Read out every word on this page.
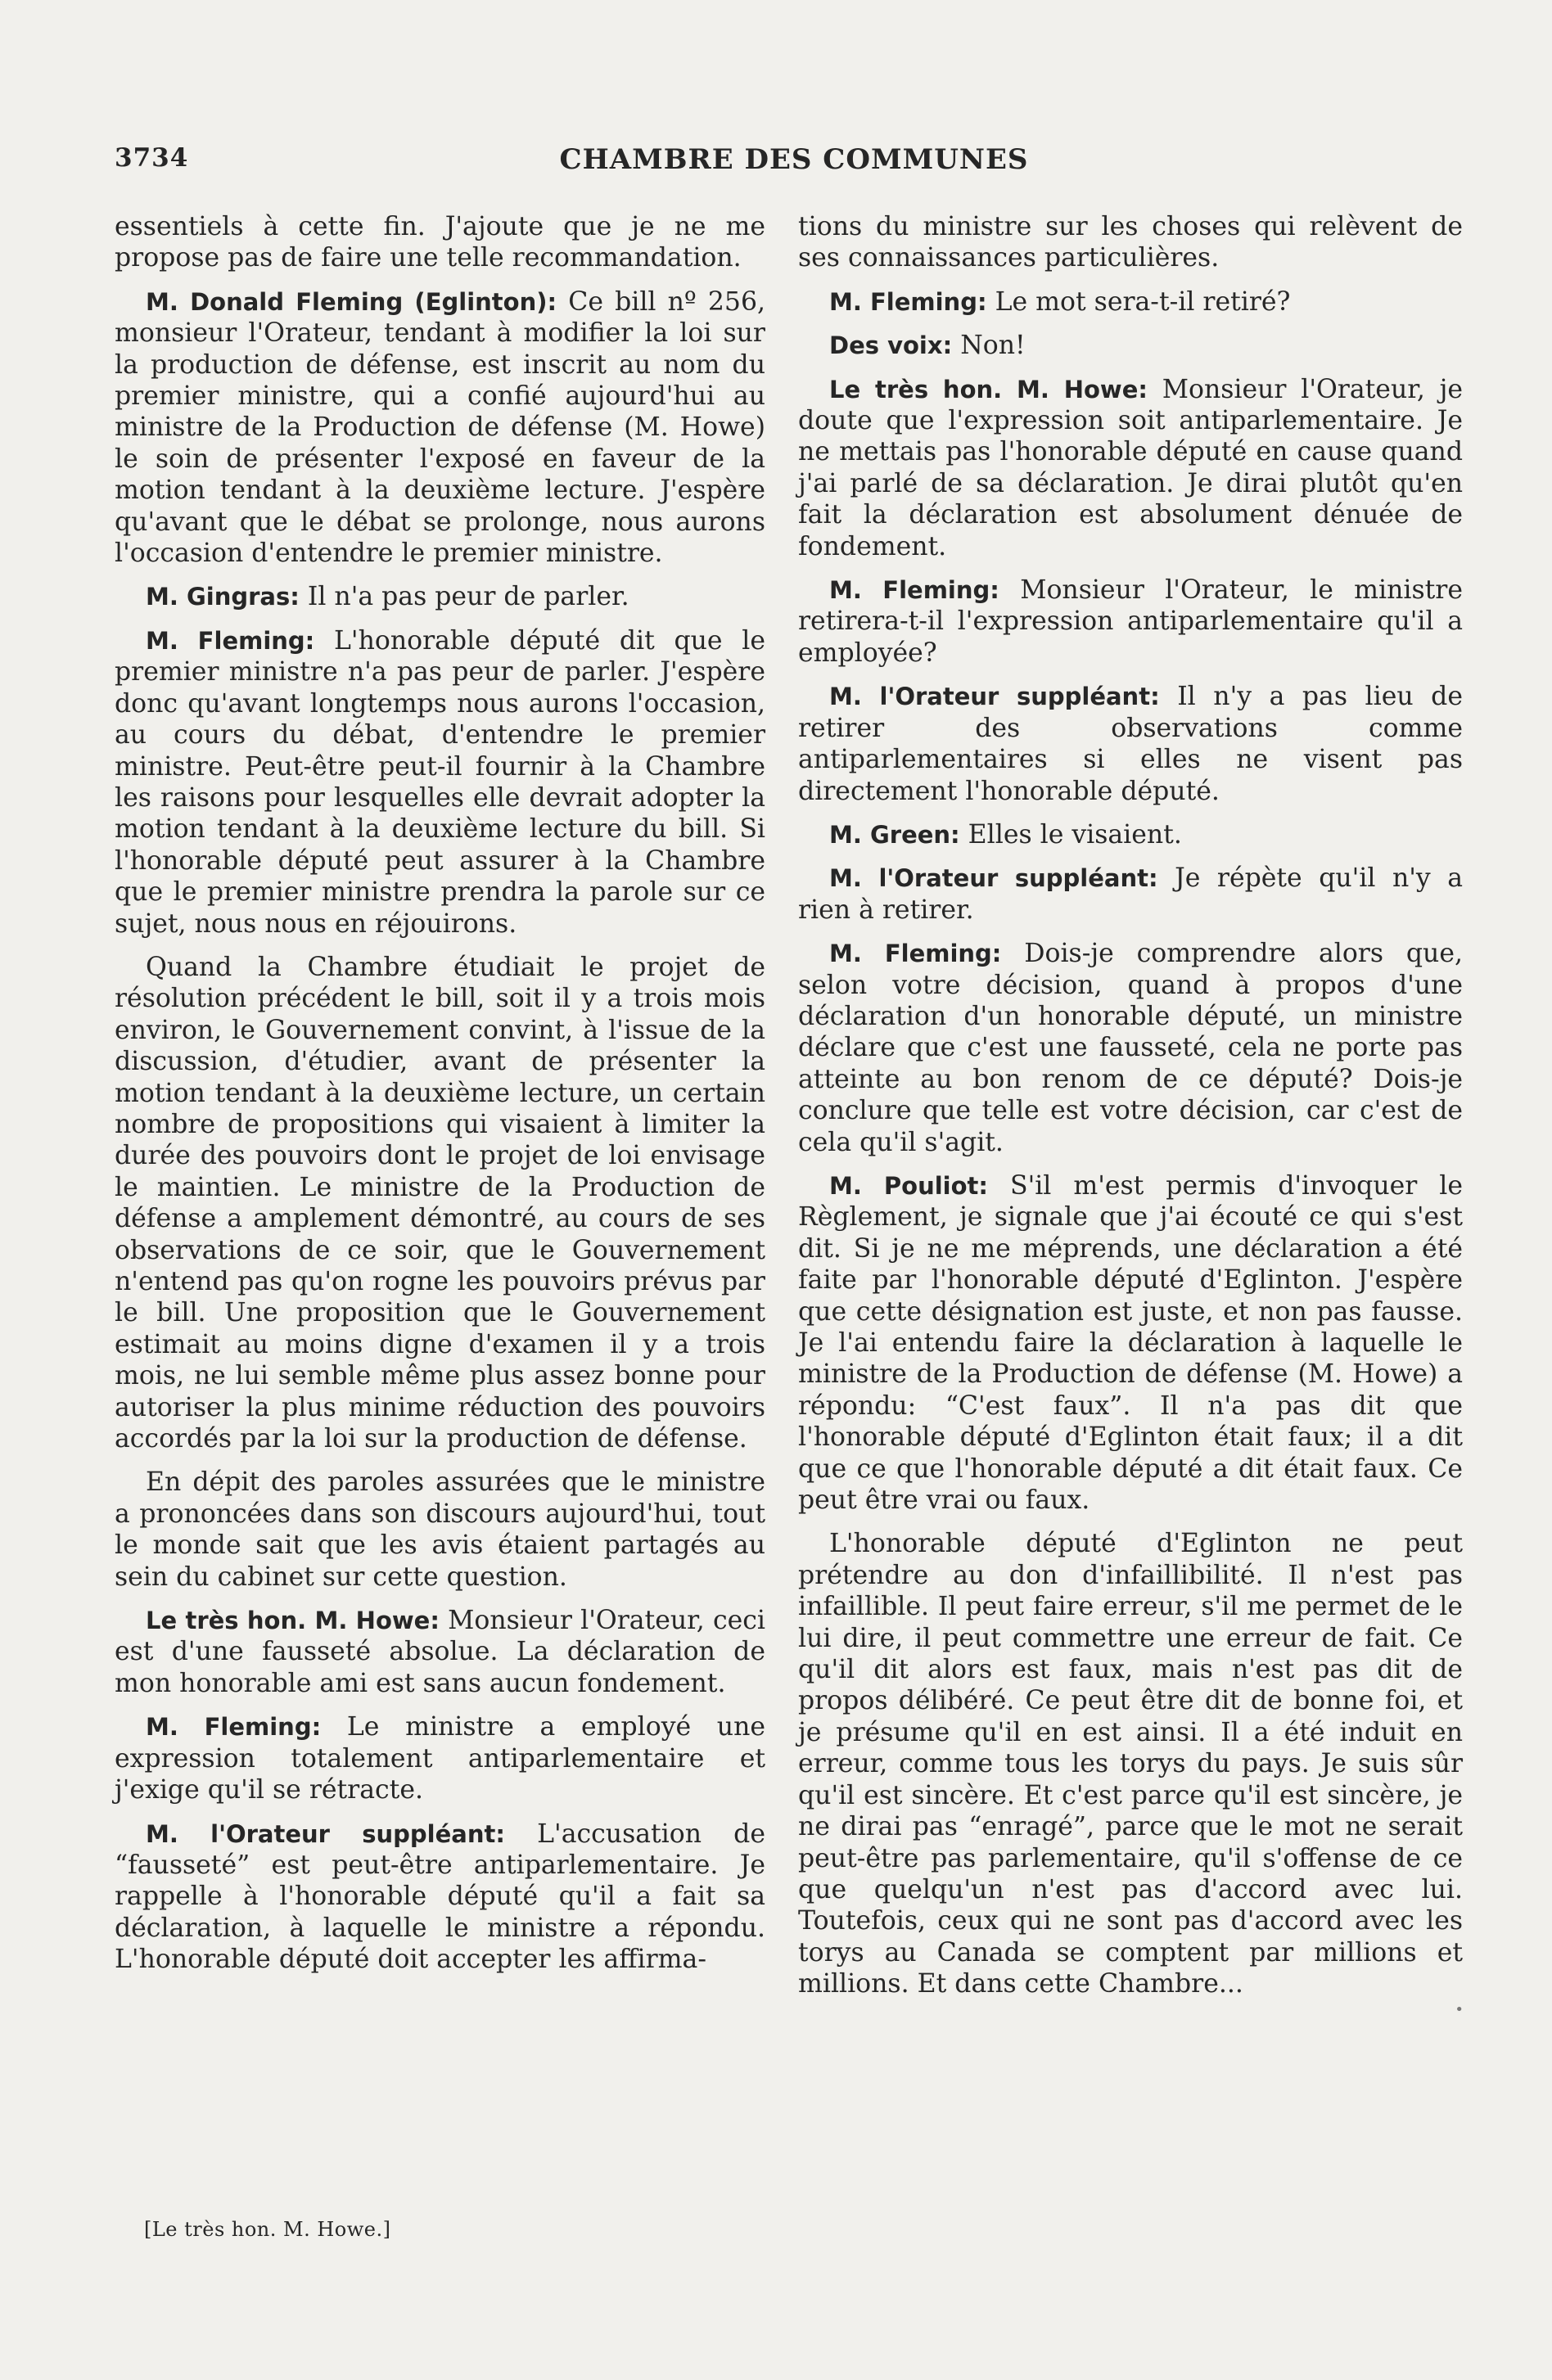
3734	CHAMBRE DES COMMUNES

essentiels à cette fin. J'ajoute que je ne me propose pas de faire une telle recommandation.

M. Donald Fleming (Eglinton): Ce bill nº 256, monsieur l'Orateur, tendant à modifier la loi sur la production de défense, est inscrit au nom du premier ministre, qui a confié aujourd'hui au ministre de la Production de défense (M. Howe) le soin de présenter l'exposé en faveur de la motion tendant à la deuxième lecture. J'espère qu'avant que le débat se prolonge, nous aurons l'occasion d'entendre le premier ministre.

M. Gingras: Il n'a pas peur de parler.

M. Fleming: L'honorable député dit que le premier ministre n'a pas peur de parler. J'espère donc qu'avant longtemps nous aurons l'occasion, au cours du débat, d'entendre le premier ministre. Peut-être peut-il fournir à la Chambre les raisons pour lesquelles elle devrait adopter la motion tendant à la deuxième lecture du bill. Si l'honorable député peut assurer à la Chambre que le premier ministre prendra la parole sur ce sujet, nous nous en réjouirons.

Quand la Chambre étudiait le projet de résolution précédent le bill, soit il y a trois mois environ, le Gouvernement convint, à l'issue de la discussion, d'étudier, avant de présenter la motion tendant à la deuxième lecture, un certain nombre de propositions qui visaient à limiter la durée des pouvoirs dont le projet de loi envisage le maintien. Le ministre de la Production de défense a amplement démontré, au cours de ses observations de ce soir, que le Gouvernement n'entend pas qu'on rogne les pouvoirs prévus par le bill. Une proposition que le Gouvernement estimait au moins digne d'examen il y a trois mois, ne lui semble même plus assez bonne pour autoriser la plus minime réduction des pouvoirs accordés par la loi sur la production de défense.

En dépit des paroles assurées que le ministre a prononcées dans son discours aujourd'hui, tout le monde sait que les avis étaient partagés au sein du cabinet sur cette question.

Le très hon. M. Howe: Monsieur l'Orateur, ceci est d'une fausseté absolue. La déclaration de mon honorable ami est sans aucun fondement.

M. Fleming: Le ministre a employé une expression totalement antiparlementaire et j'exige qu'il se rétracte.

M. l'Orateur suppléant: L'accusation de “fausseté” est peut-être antiparlementaire. Je rappelle à l'honorable député qu'il a fait sa déclaration, à laquelle le ministre a répondu. L'honorable député doit accepter les affirma-

tions du ministre sur les choses qui relèvent de ses connaissances particulières.

M. Fleming: Le mot sera-t-il retiré?

Des voix: Non!

Le très hon. M. Howe: Monsieur l'Orateur, je doute que l'expression soit antiparlementaire. Je ne mettais pas l'honorable député en cause quand j'ai parlé de sa déclaration. Je dirai plutôt qu'en fait la déclaration est absolument dénuée de fondement.

M. Fleming: Monsieur l'Orateur, le ministre retirera-t-il l'expression antiparlementaire qu'il a employée?

M. l'Orateur suppléant: Il n'y a pas lieu de retirer des observations comme antiparlementaires si elles ne visent pas directement l'honorable député.

M. Green: Elles le visaient.

M. l'Orateur suppléant: Je répète qu'il n'y a rien à retirer.

M. Fleming: Dois-je comprendre alors que, selon votre décision, quand à propos d'une déclaration d'un honorable député, un ministre déclare que c'est une fausseté, cela ne porte pas atteinte au bon renom de ce député? Dois-je conclure que telle est votre décision, car c'est de cela qu'il s'agit.

M. Pouliot: S'il m'est permis d'invoquer le Règlement, je signale que j'ai écouté ce qui s'est dit. Si je ne me méprends, une déclaration a été faite par l'honorable député d'Eglinton. J'espère que cette désignation est juste, et non pas fausse. Je l'ai entendu faire la déclaration à laquelle le ministre de la Production de défense (M. Howe) a répondu: “C'est faux”. Il n'a pas dit que l'honorable député d'Eglinton était faux; il a dit que ce que l'honorable député a dit était faux. Ce peut être vrai ou faux.

L'honorable député d'Eglinton ne peut prétendre au don d'infaillibilité. Il n'est pas infaillible. Il peut faire erreur, s'il me permet de le lui dire, il peut commettre une erreur de fait. Ce qu'il dit alors est faux, mais n'est pas dit de propos délibéré. Ce peut être dit de bonne foi, et je présume qu'il en est ainsi. Il a été induit en erreur, comme tous les torys du pays. Je suis sûr qu'il est sincère. Et c'est parce qu'il est sincère, je ne dirai pas “enragé”, parce que le mot ne serait peut-être pas parlementaire, qu'il s'offense de ce que quelqu'un n'est pas d'accord avec lui. Toutefois, ceux qui ne sont pas d'accord avec les torys au Canada se comptent par millions et millions. Et dans cette Chambre...

[Le très hon. M. Howe.]
•
